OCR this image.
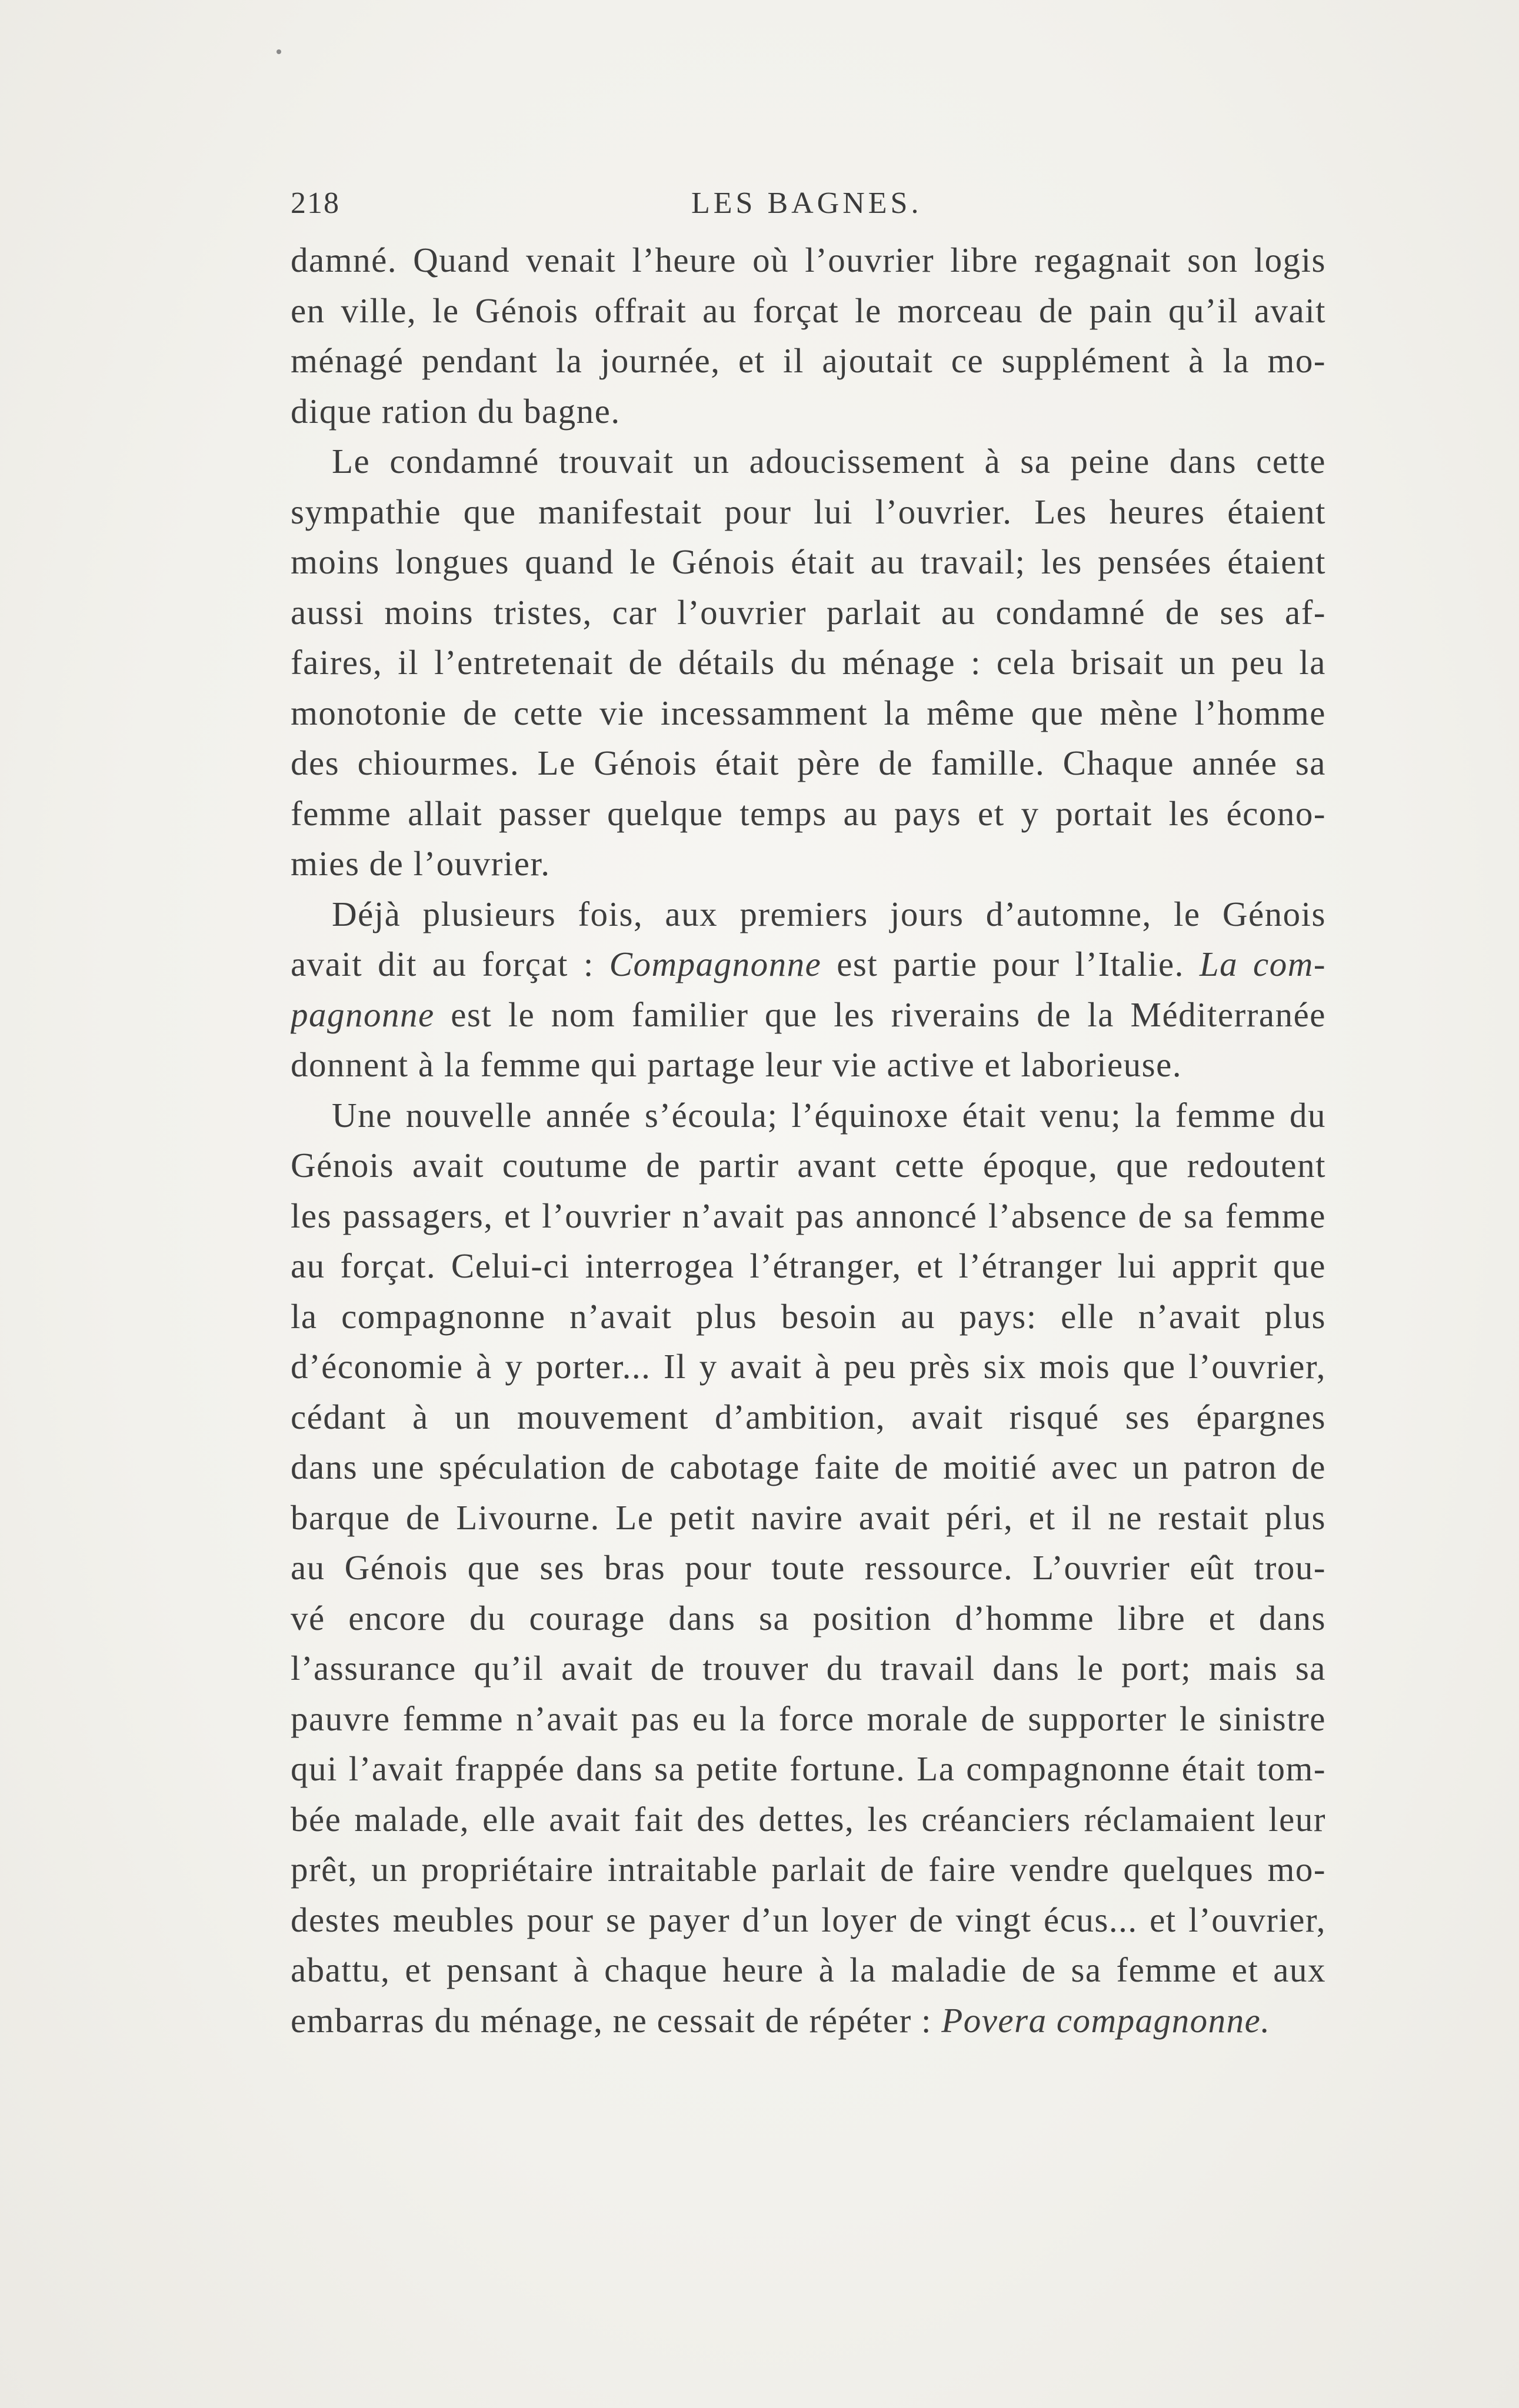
218	LES BAGNES.
damné. Quand venait l’heure où l’ouvrier libre regagnait son logis
en ville, le Génois offrait au forçat le morceau de pain qu’il avait
ménagé pendant la journée, et il ajoutait ce supplément à la mo-
dique ration du bagne.
Le condamné trouvait un adoucissement à sa peine dans cette
sympathie que manifestait pour lui l’ouvrier. Les heures étaient
moins longues quand le Génois était au travail; les pensées étaient
aussi moins tristes, car l’ouvrier parlait au condamné de ses af-
faires, il l’entretenait de détails du ménage : cela brisait un peu la
monotonie de cette vie incessamment la même que mène l’homme
des chiourmes. Le Génois était père de famille. Chaque année sa
femme allait passer quelque temps au pays et y portait les écono-
mies de l’ouvrier.
Déjà plusieurs fois, aux premiers jours d’automne, le Génois
avait dit au forçat : Compagnonne est partie pour l’Italie. La com-
pagnonne est le nom familier que les riverains de la Méditerranée
donnent à la femme qui partage leur vie active et laborieuse.
Une nouvelle année s’écoula; l’équinoxe était venu; la femme du
Génois avait coutume de partir avant cette époque, que redoutent
les passagers, et l’ouvrier n’avait pas annoncé l’absence de sa femme
au forçat. Celui-ci interrogea l’étranger, et l’étranger lui apprit que
la compagnonne n’avait plus besoin au pays: elle n’avait plus
d’économie à y porter... Il y avait à peu près six mois que l’ouvrier,
cédant à un mouvement d’ambition, avait risqué ses épargnes
dans une spéculation de cabotage faite de moitié avec un patron de
barque de Livourne. Le petit navire avait péri, et il ne restait plus
au Génois que ses bras pour toute ressource. L’ouvrier eût trou-
vé encore du courage dans sa position d’homme libre et dans
l’assurance qu’il avait de trouver du travail dans le port; mais sa
pauvre femme n’avait pas eu la force morale de supporter le sinistre
qui l’avait frappée dans sa petite fortune. La compagnonne était tom-
bée malade, elle avait fait des dettes, les créanciers réclamaient leur
prêt, un propriétaire intraitable parlait de faire vendre quelques mo-
destes meubles pour se payer d’un loyer de vingt écus... et l’ouvrier,
abattu, et pensant à chaque heure à la maladie de sa femme et aux
embarras du ménage, ne cessait de répéter : Povera compagnonne.
